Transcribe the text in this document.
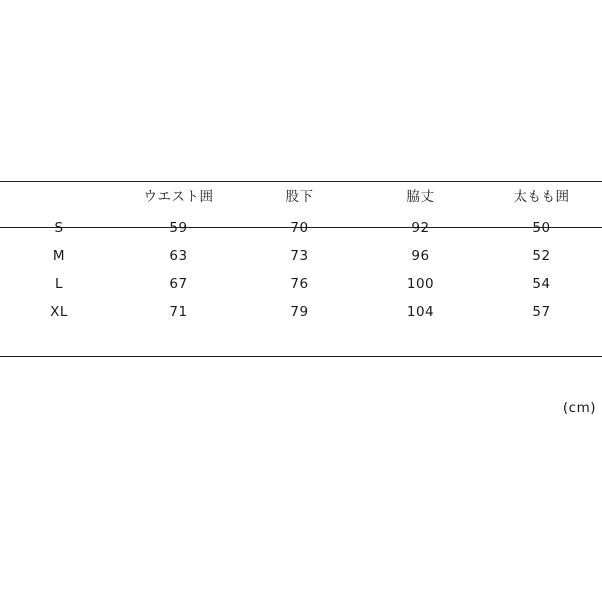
	ウエスト囲	股下	脇丈	太もも囲
S	59	70	92	50
M	63	73	96	52
L	67	76	100	54
XL	71	79	104	57
(cm)
